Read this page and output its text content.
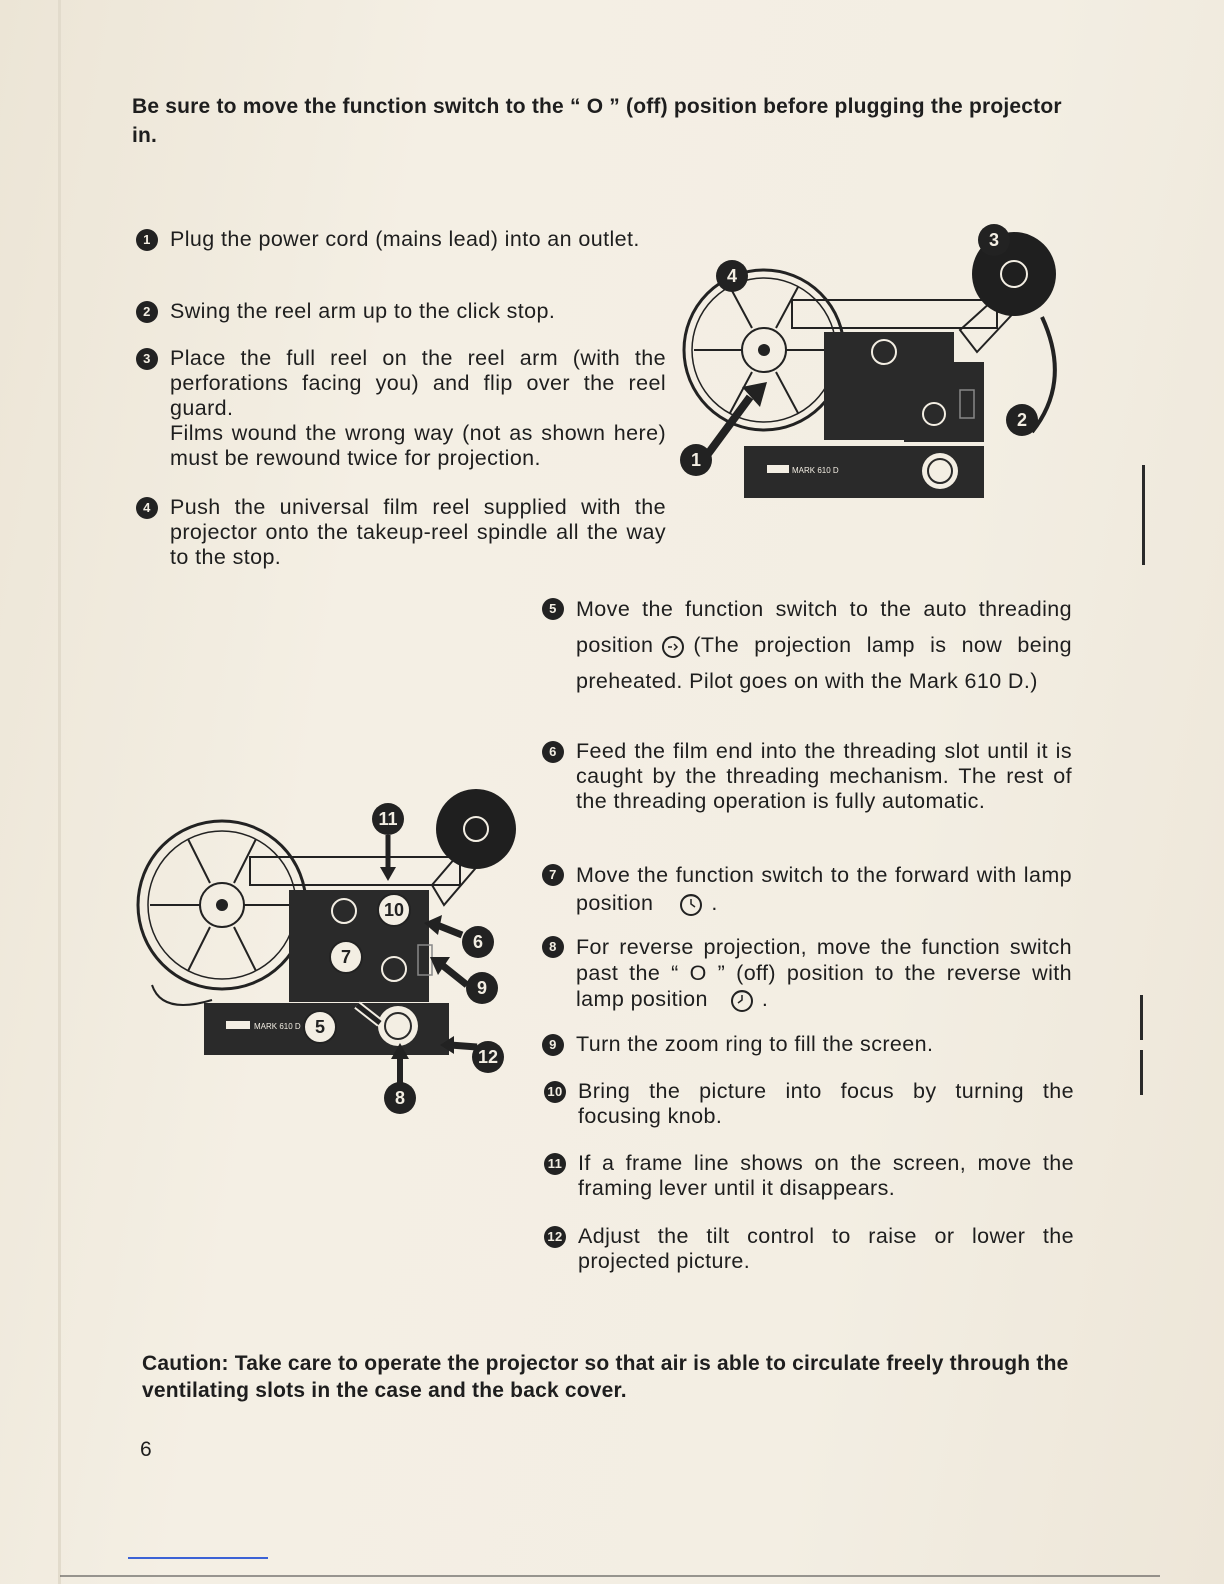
Be sure to move the function switch to the “ O ” (off) position before plugging the projector in.
1 Plug the power cord (mains lead) into an outlet.

2 Swing the reel arm up to the click stop.

3 Place the full reel on the reel arm (with the perforations facing you) and flip over the reel guard.

Films wound the wrong way (not as shown here) must be rewound twice for projection.

4 Push the universal film reel supplied with the projector onto the takeup-reel spindle all the way to the stop.

5 Move the function switch to the auto threading position (The projection lamp is now being preheated. Pilot goes on with the Mark 610 D.)

6 Feed the film end into the threading slot until it is caught by the threading mechanism. The rest of the threading operation is fully automatic.

7 Move the function switch to the forward with lamp position	.

8 For reverse projection, move the function switch past the “ O ” (off) position to the reverse with lamp position	.

9 Turn the zoom ring to fill the screen.

10 Bring the picture into focus by turning the focusing knob.

11 If a frame line shows on the screen, move the framing lever until it disappears.

12 Adjust the tilt control to raise or lower the projected picture.

MARK 610 D
1
2
3
4
MARK 610 D 5
6
7
8
9
10
11
12
Caution: Take care to operate the projector so that air is able to circulate freely through the ventilating slots in the case and the back cover.
6
